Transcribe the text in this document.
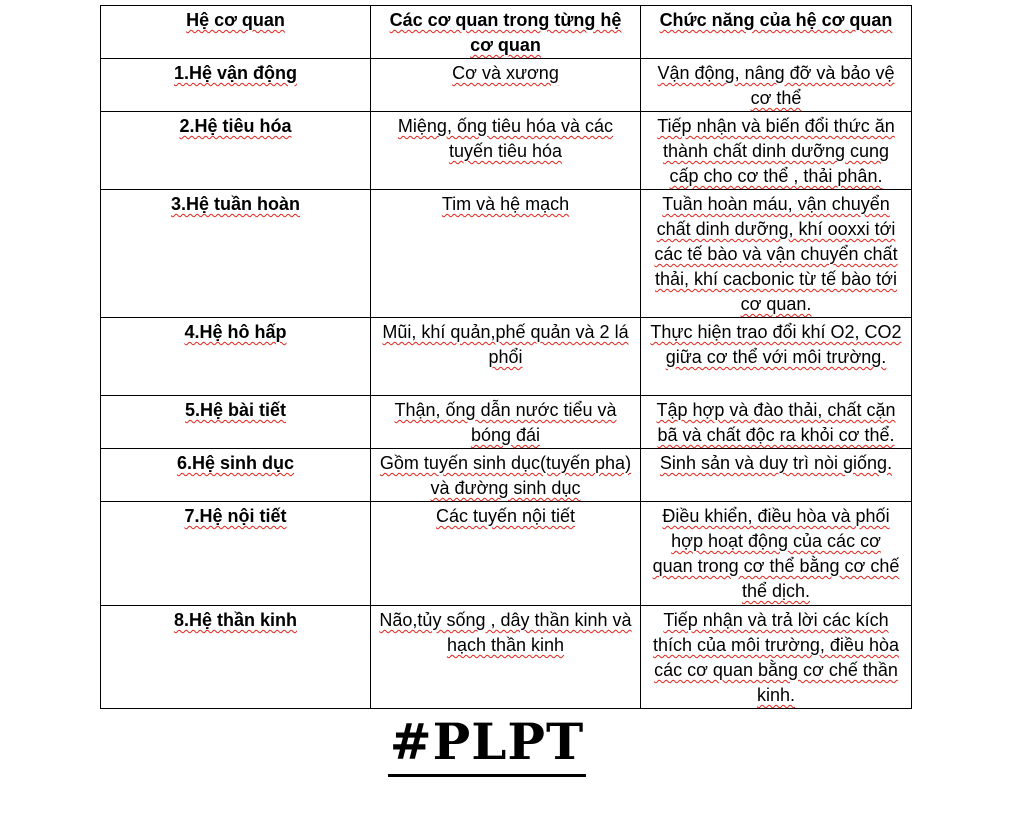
Hệ cơ quan	Các cơ quan trong từng hệ cơ quan	Chức năng của hệ cơ quan
1.Hệ vận động	Cơ và xương	Vận động, nâng đỡ và bảo vệ cơ thể
2.Hệ tiêu hóa	Miệng, ống tiêu hóa và các tuyến tiêu hóa	Tiếp nhận và biến đổi thức ăn thành chất dinh dưỡng cung cấp cho cơ thể , thải phân.
3.Hệ tuần hoàn	Tim và hệ mạch	Tuần hoàn máu, vận chuyển chất dinh dưỡng, khí ooxxi tới các tế bào và vận chuyển chất thải, khí cacbonic từ tế bào tới cơ quan.
4.Hệ hô hấp	Mũi, khí quản,phế quản và 2 lá phổi	Thực hiện trao đổi khí O2, CO2 giữa cơ thể với môi trường.
5.Hệ bài tiết	Thận, ống dẫn nước tiểu và bóng đái	Tập hợp và đào thải, chất cặn bã và chất độc ra khỏi cơ thể.
6.Hệ sinh dục	Gồm tuyến sinh dục(tuyến pha) và đường sinh dục	Sinh sản và duy trì nòi giống.
7.Hệ nội tiết	Các tuyến nội tiết	Điều khiển, điều hòa và phối hợp hoạt động của các cơ quan trong cơ thể bằng cơ chế thể dịch.
8.Hệ thần kinh	Não,tủy sống , dây thần kinh và hạch thần kinh	Tiếp nhận và trả lời các kích thích của môi trường, điều hòa các cơ quan bằng cơ chế thần kinh.
#PLPT
